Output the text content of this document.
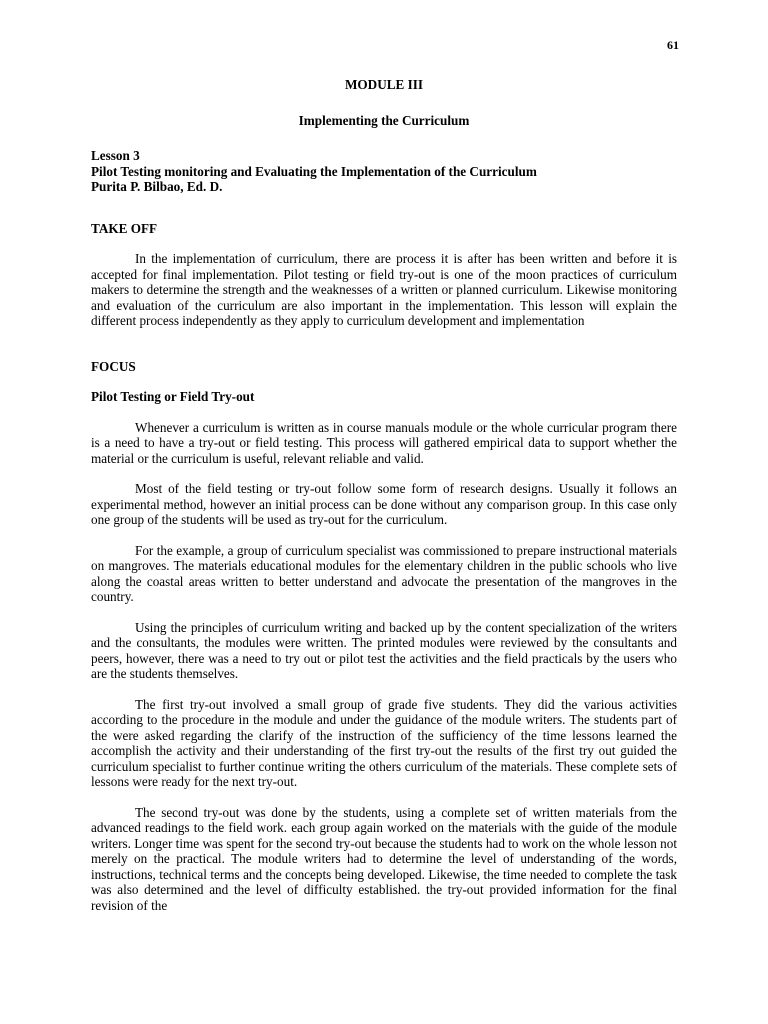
61
MODULE III
Implementing the Curriculum
Lesson 3
Pilot Testing monitoring and Evaluating the Implementation of the Curriculum
Purita P. Bilbao, Ed. D.
TAKE OFF

In the implementation of curriculum, there are process it is after has been written and before it is accepted for final implementation. Pilot testing or field try-out is one of the moon practices of curriculum makers to determine the strength and the weaknesses of a written or planned curriculum. Likewise monitoring and evaluation of the curriculum are also important in the implementation. This lesson will explain the different process independently as they apply to curriculum development and implementation

FOCUS
Pilot Testing or Field Try-out

Whenever a curriculum is written as in course manuals module or the whole curricular program there is a need to have a try-out or field testing. This process will gathered empirical data to support whether the material or the curriculum is useful, relevant reliable and valid.

Most of the field testing or try-out follow some form of research designs. Usually it follows an experimental method, however an initial process can be done without any comparison group. In this case only one group of the students will be used as try-out for the curriculum.

For the example, a group of curriculum specialist was commissioned to prepare instructional materials on mangroves. The materials educational modules for the elementary children in the public schools who live along the coastal areas written to better understand and advocate the presentation of the mangroves in the country.

Using the principles of curriculum writing and backed up by the content specialization of the writers and the consultants, the modules were written. The printed modules were reviewed by the consultants and peers, however, there was a need to try out or pilot test the activities and the field practicals by the users who are the students themselves.

The first try-out involved a small group of grade five students. They did the various activities according to the procedure in the module and under the guidance of the module writers. The students part of the were asked regarding the clarify of the instruction of the sufficiency of the time lessons learned the accomplish the activity and their understanding of the first try-out the results of the first try out guided the curriculum specialist to further continue writing the others curriculum of the materials. These complete sets of lessons were ready for the next try-out.

The second try-out was done by the students, using a complete set of written materials from the advanced readings to the field work. each group again worked on the materials with the guide of the module writers. Longer time was spent for the second try-out because the students had to work on the whole lesson not merely on the practical. The module writers had to determine the level of understanding of the words, instructions, technical terms and the concepts being developed. Likewise, the time needed to complete the task was also determined and the level of difficulty established. the try-out provided information for the final revision of the
